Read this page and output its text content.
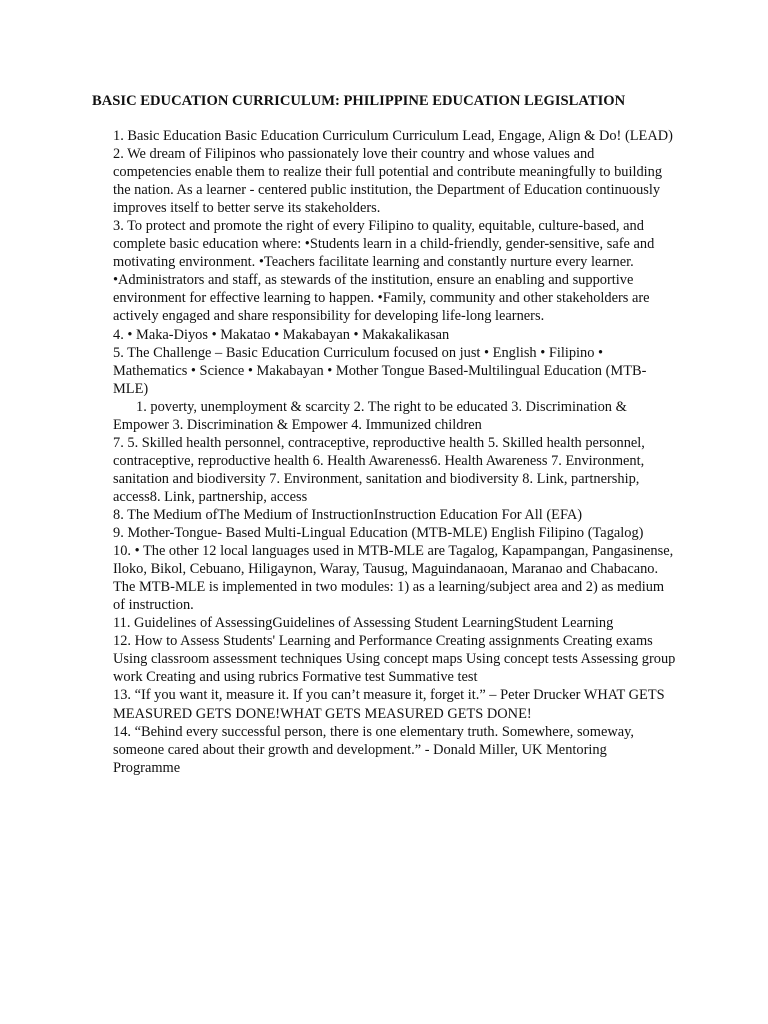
BASIC EDUCATION CURRICULUM: PHILIPPINE EDUCATION LEGISLATION

1. Basic Education Basic Education Curriculum Curriculum Lead, Engage, Align & Do! (LEAD)

2. We dream of Filipinos who passionately love their country and whose values and competencies enable them to realize their full potential and contribute meaningfully to building the nation. As a learner - centered public institution, the Department of Education continuously improves itself to better serve its stakeholders.

3. To protect and promote the right of every Filipino to quality, equitable, culture-based, and complete basic education where: •Students learn in a child-friendly, gender-sensitive, safe and motivating environment. •Teachers facilitate learning and constantly nurture every learner. •Administrators and staff, as stewards of the institution, ensure an enabling and supportive environment for effective learning to happen. •Family, community and other stakeholders are actively engaged and share responsibility for developing life-long learners.

4. • Maka-Diyos • Makatao • Makabayan • Makakalikasan

5. The Challenge – Basic Education Curriculum focused on just • English • Filipino • Mathematics • Science • Makabayan • Mother Tongue Based-Multilingual Education (MTB-MLE)

1. poverty, unemployment & scarcity 2. The right to be educated 3. Discrimination & Empower 3. Discrimination & Empower 4. Immunized children

7. 5. Skilled health personnel, contraceptive, reproductive health 5. Skilled health personnel, contraceptive, reproductive health 6. Health Awareness6. Health Awareness 7. Environment, sanitation and biodiversity 7. Environment, sanitation and biodiversity 8. Link, partnership, access8. Link, partnership, access

8. The Medium ofThe Medium of InstructionInstruction Education For All (EFA)

9. Mother-Tongue- Based Multi-Lingual Education (MTB-MLE) English Filipino (Tagalog)

10. • The other 12 local languages used in MTB-MLE are Tagalog, Kapampangan, Pangasinense, Iloko, Bikol, Cebuano, Hiligaynon, Waray, Tausug, Maguindanaoan, Maranao and Chabacano. The MTB-MLE is implemented in two modules: 1) as a learning/subject area and 2) as medium of instruction.

11. Guidelines of AssessingGuidelines of Assessing Student LearningStudent Learning

12. How to Assess Students' Learning and Performance Creating assignments Creating exams Using classroom assessment techniques Using concept maps Using concept tests Assessing group work Creating and using rubrics Formative test Summative test

13. “If you want it, measure it. If you can’t measure it, forget it.” – Peter Drucker WHAT GETS MEASURED GETS DONE!WHAT GETS MEASURED GETS DONE!

14. “Behind every successful person, there is one elementary truth. Somewhere, someway, someone cared about their growth and development.” - Donald Miller, UK Mentoring Programme
